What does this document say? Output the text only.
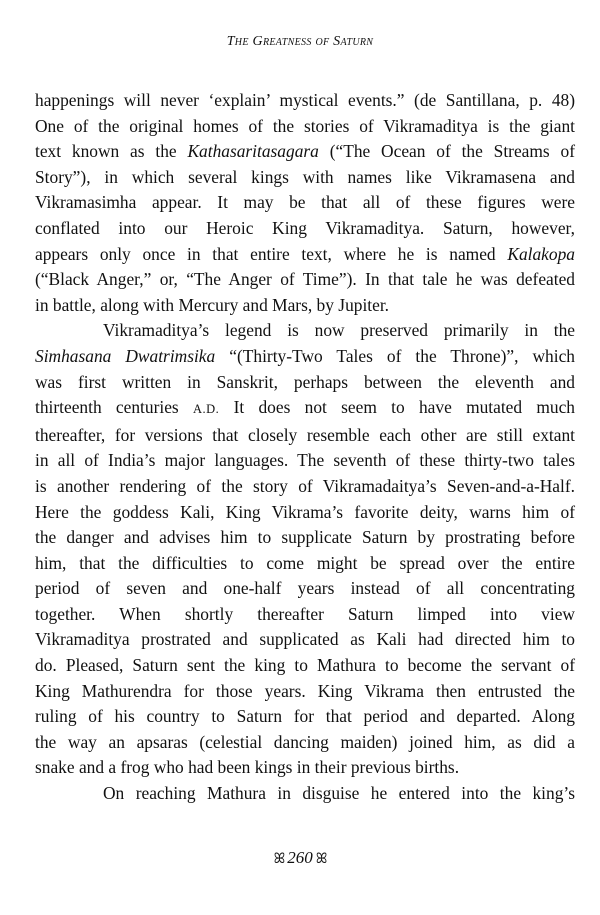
The Greatness of Saturn
happenings will never ‘explain’ mystical events.” (de Santillana, p. 48)
One of the original homes of the stories of Vikramaditya is the giant
text known as the Kathasaritasagara (“The Ocean of the Streams of
Story”), in which several kings with names like Vikramasena and
Vikramasimha appear. It may be that all of these figures were
conflated into our Heroic King Vikramaditya. Saturn, however,
appears only once in that entire text, where he is named Kalakopa
(“Black Anger,” or, “The Anger of Time”). In that tale he was defeated
in battle, along with Mercury and Mars, by Jupiter.
Vikramaditya’s legend is now preserved primarily in the
Simhasana Dwatrimsika “(Thirty-Two Tales of the Throne)”, which
was first written in Sanskrit, perhaps between the eleventh and
thirteenth centuries A.D. It does not seem to have mutated much
thereafter, for versions that closely resemble each other are still extant
in all of India’s major languages. The seventh of these thirty-two tales
is another rendering of the story of Vikramadaitya’s Seven-and-a-Half.
Here the goddess Kali, King Vikrama’s favorite deity, warns him of
the danger and advises him to supplicate Saturn by prostrating before
him, that the difficulties to come might be spread over the entire
period of seven and one-half years instead of all concentrating
together. When shortly thereafter Saturn limped into view
Vikramaditya prostrated and supplicated as Kali had directed him to
do. Pleased, Saturn sent the king to Mathura to become the servant of
King Mathurendra for those years. King Vikrama then entrusted the
ruling of his country to Saturn for that period and departed. Along
the way an apsaras (celestial dancing maiden) joined him, as did a
snake and a frog who had been kings in their previous births.
On reaching Mathura in disguise he entered into the king’s
ꕤ 260 ꕤ
